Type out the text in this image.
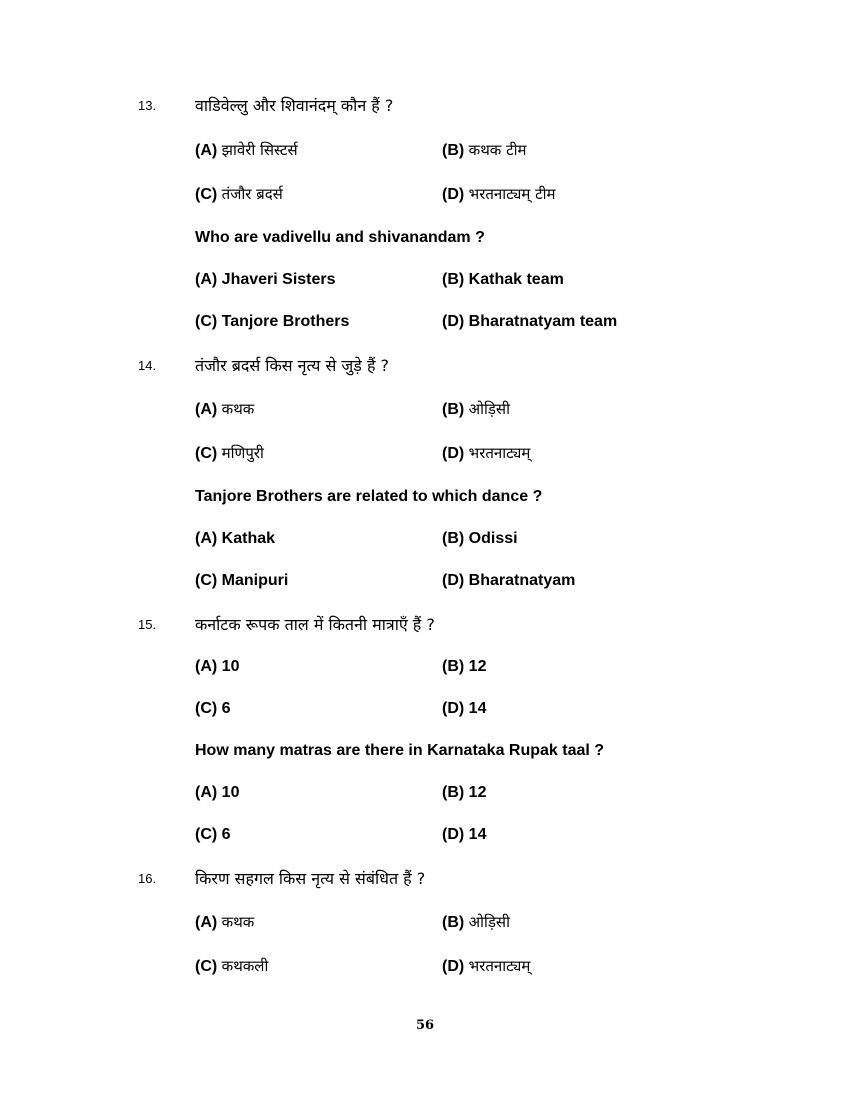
13. वाडिवेल्लु और शिवानंदम् कौन हैं ?
(A) झावेरी सिस्टर्स	(B) कथक टीम
(C) तंजौर ब्रदर्स	(D) भरतनाट्यम् टीम
Who are vadivellu and shivanandam ?
(A) Jhaveri Sisters	(B) Kathak team
(C) Tanjore Brothers	(D) Bharatnatyam team
14. तंजौर ब्रदर्स किस नृत्य से जुड़े हैं ?
(A) कथक	(B) ओड़िसी
(C) मणिपुरी	(D) भरतनाट्यम्
Tanjore Brothers are related to which dance ?
(A) Kathak	(B) Odissi
(C) Manipuri	(D) Bharatnatyam
15. कर्नाटक रूपक ताल में कितनी मात्राएँ हैं ?
(A) 10	(B) 12
(C) 6	(D) 14
How many matras are there in Karnataka Rupak taal ?
(A) 10	(B) 12
(C) 6	(D) 14
16. किरण सहगल किस नृत्य से संबंधित हैं ?
(A) कथक	(B) ओड़िसी
(C) कथकली	(D) भरतनाट्यम्
56
